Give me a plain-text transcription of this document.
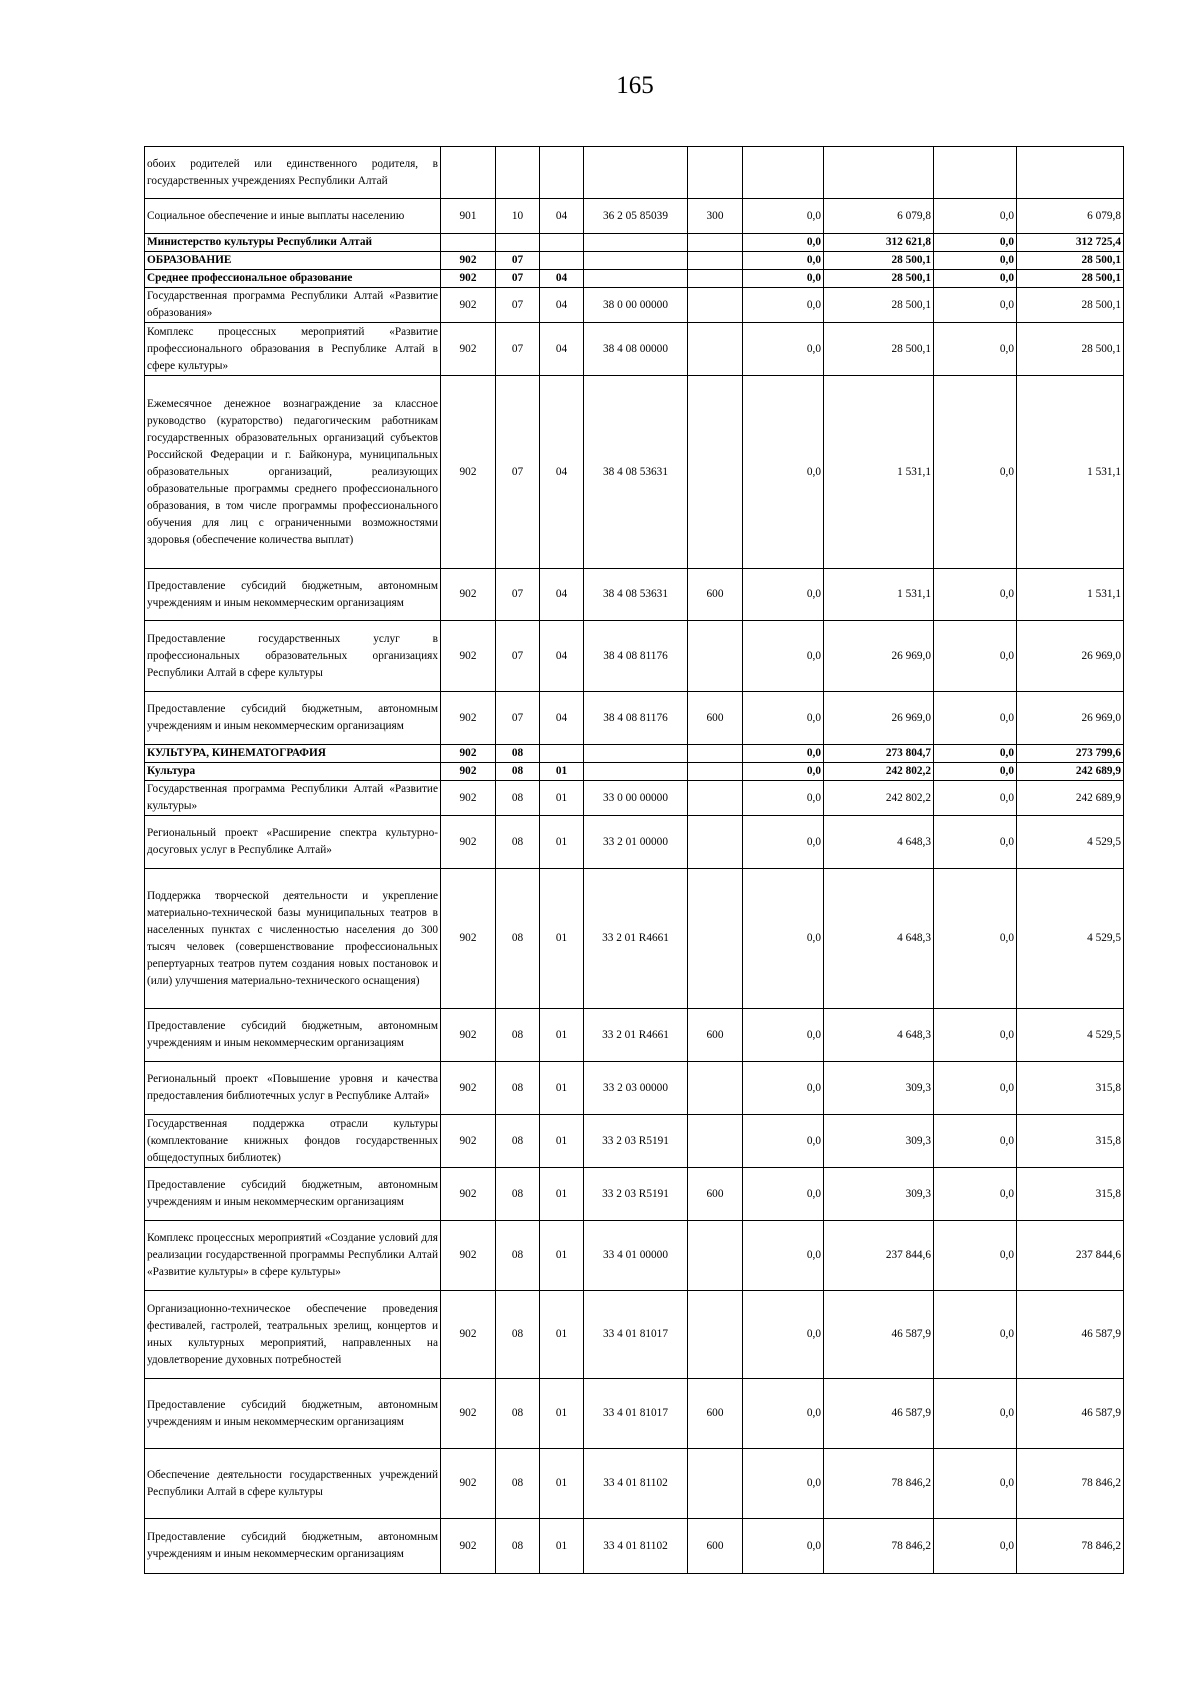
165
обоих родителей или единственного родителя, в государственных учреждениях Республики Алтай									
Социальное обеспечение и иные выплаты населению	901	10	04	36 2 05 85039	300	0,0	6 079,8	0,0	6 079,8
Министерство культуры Республики Алтай						0,0	312 621,8	0,0	312 725,4
ОБРАЗОВАНИЕ	902	07				0,0	28 500,1	0,0	28 500,1
Среднее профессиональное образование	902	07	04			0,0	28 500,1	0,0	28 500,1
Государственная программа Республики Алтай «Развитие образования»	902	07	04	38 0 00 00000		0,0	28 500,1	0,0	28 500,1
Комплекс процессных мероприятий «Развитие профессионального образования в Республике Алтай в сфере культуры»	902	07	04	38 4 08 00000		0,0	28 500,1	0,0	28 500,1
Ежемесячное денежное вознаграждение за классное руководство (кураторство) педагогическим работникам государственных образовательных организаций субъектов Российской Федерации и г. Байконура, муниципальных образовательных организаций, реализующих образовательные программы среднего профессионального образования, в том числе программы профессионального обучения для лиц с ограниченными возможностями здоровья (обеспечение количества выплат)	902	07	04	38 4 08 53631		0,0	1 531,1	0,0	1 531,1
Предоставление субсидий бюджетным, автономным учреждениям и иным некоммерческим организациям	902	07	04	38 4 08 53631	600	0,0	1 531,1	0,0	1 531,1
Предоставление государственных услуг в профессиональных образовательных организациях Республики Алтай в сфере культуры	902	07	04	38 4 08 81176		0,0	26 969,0	0,0	26 969,0
Предоставление субсидий бюджетным, автономным учреждениям и иным некоммерческим организациям	902	07	04	38 4 08 81176	600	0,0	26 969,0	0,0	26 969,0
КУЛЬТУРА, КИНЕМАТОГРАФИЯ	902	08				0,0	273 804,7	0,0	273 799,6
Культура	902	08	01			0,0	242 802,2	0,0	242 689,9
Государственная программа Республики Алтай «Развитие культуры»	902	08	01	33 0 00 00000		0,0	242 802,2	0,0	242 689,9
Региональный проект «Расширение спектра культурно-досуговых услуг в Республике Алтай»	902	08	01	33 2 01 00000		0,0	4 648,3	0,0	4 529,5
Поддержка творческой деятельности и укрепление материально-технической базы муниципальных театров в населенных пунктах с численностью населения до 300 тысяч человек (совершенствование профессиональных репертуарных театров путем создания новых постановок и (или) улучшения материально-технического оснащения)	902	08	01	33 2 01 R4661		0,0	4 648,3	0,0	4 529,5
Предоставление субсидий бюджетным, автономным учреждениям и иным некоммерческим организациям	902	08	01	33 2 01 R4661	600	0,0	4 648,3	0,0	4 529,5
Региональный проект «Повышение уровня и качества предоставления библиотечных услуг в Республике Алтай»	902	08	01	33 2 03 00000		0,0	309,3	0,0	315,8
Государственная поддержка отрасли культуры (комплектование книжных фондов государственных общедоступных библиотек)	902	08	01	33 2 03 R5191		0,0	309,3	0,0	315,8
Предоставление субсидий бюджетным, автономным учреждениям и иным некоммерческим организациям	902	08	01	33 2 03 R5191	600	0,0	309,3	0,0	315,8
Комплекс процессных мероприятий «Создание условий для реализации государственной программы Республики Алтай «Развитие культуры» в сфере культуры»	902	08	01	33 4 01 00000		0,0	237 844,6	0,0	237 844,6
Организационно-техническое обеспечение проведения фестивалей, гастролей, театральных зрелищ, концертов и иных культурных мероприятий, направленных на удовлетворение духовных потребностей	902	08	01	33 4 01 81017		0,0	46 587,9	0,0	46 587,9
Предоставление субсидий бюджетным, автономным учреждениям и иным некоммерческим организациям	902	08	01	33 4 01 81017	600	0,0	46 587,9	0,0	46 587,9
Обеспечение деятельности государственных учреждений Республики Алтай в сфере культуры	902	08	01	33 4 01 81102		0,0	78 846,2	0,0	78 846,2
Предоставление субсидий бюджетным, автономным учреждениям и иным некоммерческим организациям	902	08	01	33 4 01 81102	600	0,0	78 846,2	0,0	78 846,2
